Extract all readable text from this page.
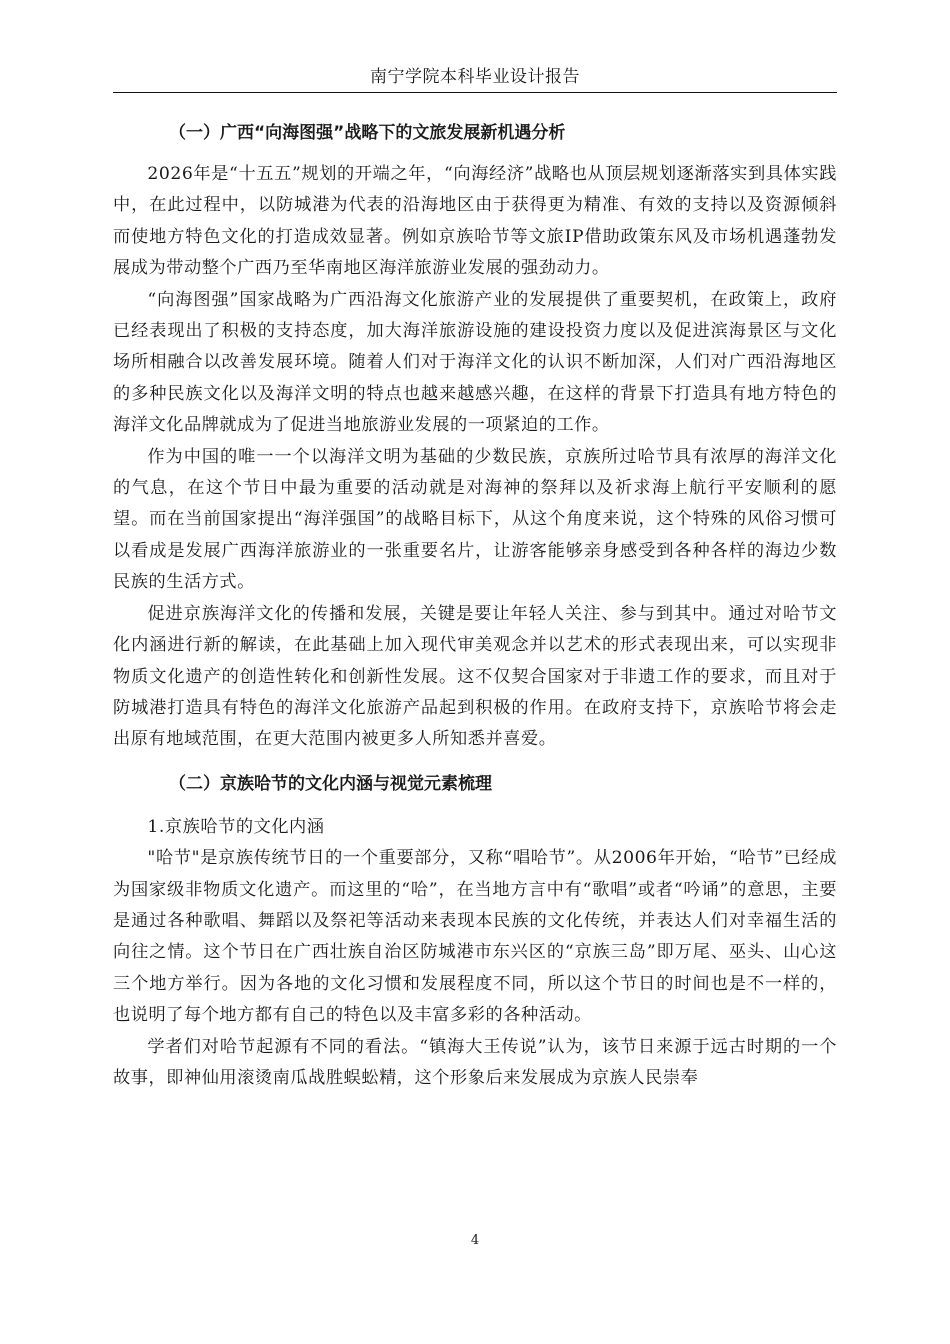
南宁学院本科毕业设计报告
（一）广西“向海图强”战略下的文旅发展新机遇分析

2026年是“十五五”规划的开端之年，“向海经济”战略也从顶层规划逐渐落实到具体实践中，在此过程中，以防城港为代表的沿海地区由于获得更为精准、有效的支持以及资源倾斜而使地方特色文化的打造成效显著。例如京族哈节等文旅IP借助政策东风及市场机遇蓬勃发展成为带动整个广西乃至华南地区海洋旅游业发展的强劲动力。

“向海图强”国家战略为广西沿海文化旅游产业的发展提供了重要契机，在政策上，政府已经表现出了积极的支持态度，加大海洋旅游设施的建设投资力度以及促进滨海景区与文化场所相融合以改善发展环境。随着人们对于海洋文化的认识不断加深，人们对广西沿海地区的多种民族文化以及海洋文明的特点也越来越感兴趣，在这样的背景下打造具有地方特色的海洋文化品牌就成为了促进当地旅游业发展的一项紧迫的工作。

作为中国的唯一一个以海洋文明为基础的少数民族，京族所过哈节具有浓厚的海洋文化的气息，在这个节日中最为重要的活动就是对海神的祭拜以及祈求海上航行平安顺利的愿望。而在当前国家提出“海洋强国”的战略目标下，从这个角度来说，这个特殊的风俗习惯可以看成是发展广西海洋旅游业的一张重要名片，让游客能够亲身感受到各种各样的海边少数民族的生活方式。

促进京族海洋文化的传播和发展，关键是要让年轻人关注、参与到其中。通过对哈节文化内涵进行新的解读，在此基础上加入现代审美观念并以艺术的形式表现出来，可以实现非物质文化遗产的创造性转化和创新性发展。这不仅契合国家对于非遗工作的要求，而且对于防城港打造具有特色的海洋文化旅游产品起到积极的作用。在政府支持下，京族哈节将会走出原有地域范围，在更大范围内被更多人所知悉并喜爱。

（二）京族哈节的文化内涵与视觉元素梳理

1.京族哈节的文化内涵

"哈节"是京族传统节日的一个重要部分，又称“唱哈节”。从2006年开始，“哈节”已经成为国家级非物质文化遗产。而这里的“哈”，在当地方言中有“歌唱”或者“吟诵”的意思，主要是通过各种歌唱、舞蹈以及祭祀等活动来表现本民族的文化传统，并表达人们对幸福生活的向往之情。这个节日在广西壮族自治区防城港市东兴区的“京族三岛”即万尾、巫头、山心这三个地方举行。因为各地的文化习惯和发展程度不同，所以这个节日的时间也是不一样的，也说明了每个地方都有自己的特色以及丰富多彩的各种活动。

学者们对哈节起源有不同的看法。“镇海大王传说”认为，该节日来源于远古时期的一个故事，即神仙用滚烫南瓜战胜蜈蚣精，这个形象后来发展成为京族人民崇奉

4
